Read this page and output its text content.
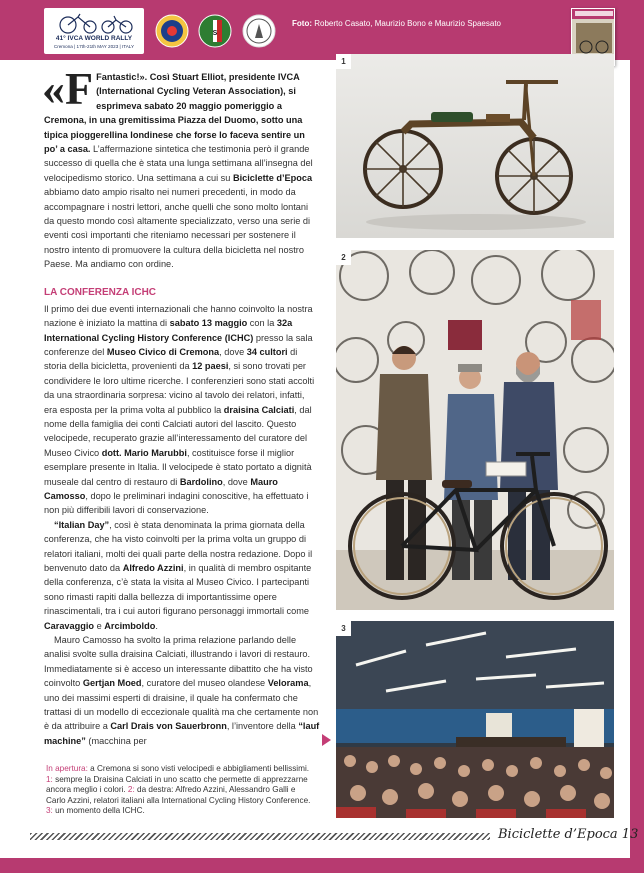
41° IVCA WORLD RALLY
Cremona | 17th-21th MAY 2023 | ITALY
S
Foto: Roberto Casato, Maurizio Bono e Maurizio Spaesato

«F Fantastic!». Così Stuart Elliot, presidente IVCA (International Cycling Veteran Association), si esprimeva sabato 20 maggio pomeriggio a Cremona, in una gremitissima Piazza del Duomo, sotto una tipica pioggerellina londinese che forse lo faceva sentire un po’ a casa. L’affermazione sintetica che testimonia però il grande successo di quella che è stata una lunga settimana all’insegna del velocipedismo storico. Una settimana a cui su Biciclette d’Epoca abbiamo dato ampio risalto nei numeri precedenti, in modo da accompagnare i nostri lettori, anche quelli che sono molto lontani da questo mondo così altamente specializzato, verso una serie di eventi così importanti che riteniamo necessari per sostenere il nostro intento di promuovere la cultura della bicicletta nel nostro Paese. Ma andiamo con ordine.

LA CONFERENZA ICHC

Il primo dei due eventi internazionali che hanno coinvolto la nostra nazione è iniziato la mattina di sabato 13 maggio con la 32a International Cycling History Conference (ICHC) presso la sala conferenze del Museo Civico di Cremona, dove 34 cultori di storia della bicicletta, provenienti da 12 paesi, si sono trovati per condividere le loro ultime ricerche. I conferenzieri sono stati accolti da una straordinaria sorpresa: vicino al tavolo dei relatori, infatti, era esposta per la prima volta al pubblico la draisina Calciati, dal nome della famiglia dei conti Calciati autori del lascito. Questo velocipede, recuperato grazie all’interessamento del curatore del Museo Civico dott. Mario Marubbi, costituisce forse il miglior esemplare presente in Italia. Il velocipede è stato portato a dignità museale dal centro di restauro di Bardolino, dove Mauro Camosso, dopo le preliminari indagini conoscitive, ha effettuato i non più differibili lavori di conservazione.

“Italian Day”, così è stata denominata la prima giornata della conferenza, che ha visto coinvolti per la prima volta un gruppo di relatori italiani, molti dei quali parte della nostra redazione. Dopo il benvenuto dato da Alfredo Azzini, in qualità di membro ospitante della conferenza, c’è stata la visita al Museo Civico. I partecipanti sono rimasti rapiti dalla bellezza di importantissime opere rinascimentali, tra i cui autori figurano personaggi immortali come Caravaggio e Arcimboldo.

Mauro Camosso ha svolto la prima relazione parlando delle analisi svolte sulla draisina Calciati, illustrando i lavori di restauro. Immediatamente si è acceso un interessante dibattito che ha visto coinvolto Gertjan Moed, curatore del museo olandese Velorama, uno dei massimi esperti di draisine, il quale ha confermato che trattasi di un modello di eccezionale qualità ma che certamente non è da attribuire a Carl Drais von Sauerbronn, l’inventore della “lauf machine” (macchina per

In apertura: a Cremona si sono visti velocipedi e abbigliamenti bellissimi. 1: sempre la Draisina Calciati in uno scatto che permette di apprezzarne ancora meglio i colori. 2: da destra: Alfredo Azzini, Alessandro Galli e Carlo Azzini, relatori italiani alla International Cycling History Conference. 3: un momento della ICHC.
1
2
3
Biciclette d’Epoca 13
